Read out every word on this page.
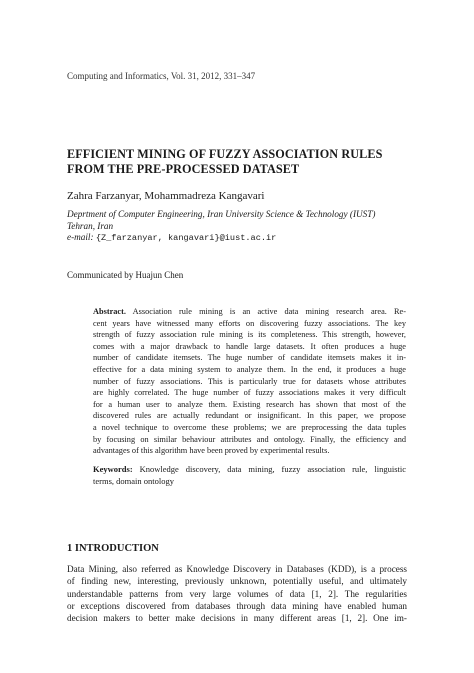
Computing and Informatics, Vol. 31, 2012, 331–347
EFFICIENT MINING OF FUZZY ASSOCIATION RULES
FROM THE PRE-PROCESSED DATASET
Zahra Farzanyar, Mohammadreza Kangavari
Deprtment of Computer Engineering, Iran University Science & Technology (IUST)
Tehran, Iran
e-mail: {Z_farzanyar, kangavari}@iust.ac.ir
Communicated by Huajun Chen
Abstract. Association rule mining is an active data mining research area. Re-
cent years have witnessed many efforts on discovering fuzzy associations. The key
strength of fuzzy association rule mining is its completeness. This strength, however,
comes with a major drawback to handle large datasets. It often produces a huge
number of candidate itemsets. The huge number of candidate itemsets makes it in-
effective for a data mining system to analyze them. In the end, it produces a huge
number of fuzzy associations. This is particularly true for datasets whose attributes
are highly correlated. The huge number of fuzzy associations makes it very difficult
for a human user to analyze them. Existing research has shown that most of the
discovered rules are actually redundant or insignificant. In this paper, we propose
a novel technique to overcome these problems; we are preprocessing the data tuples
by focusing on similar behaviour attributes and ontology. Finally, the efficiency and
advantages of this algorithm have been proved by experimental results.
Keywords: Knowledge discovery, data mining, fuzzy association rule, linguistic
terms, domain ontology
1 INTRODUCTION
Data Mining, also referred as Knowledge Discovery in Databases (KDD), is a process
of finding new, interesting, previously unknown, potentially useful, and ultimately
understandable patterns from very large volumes of data [1, 2]. The regularities
or exceptions discovered from databases through data mining have enabled human
decision makers to better make decisions in many different areas [1, 2]. One im-
